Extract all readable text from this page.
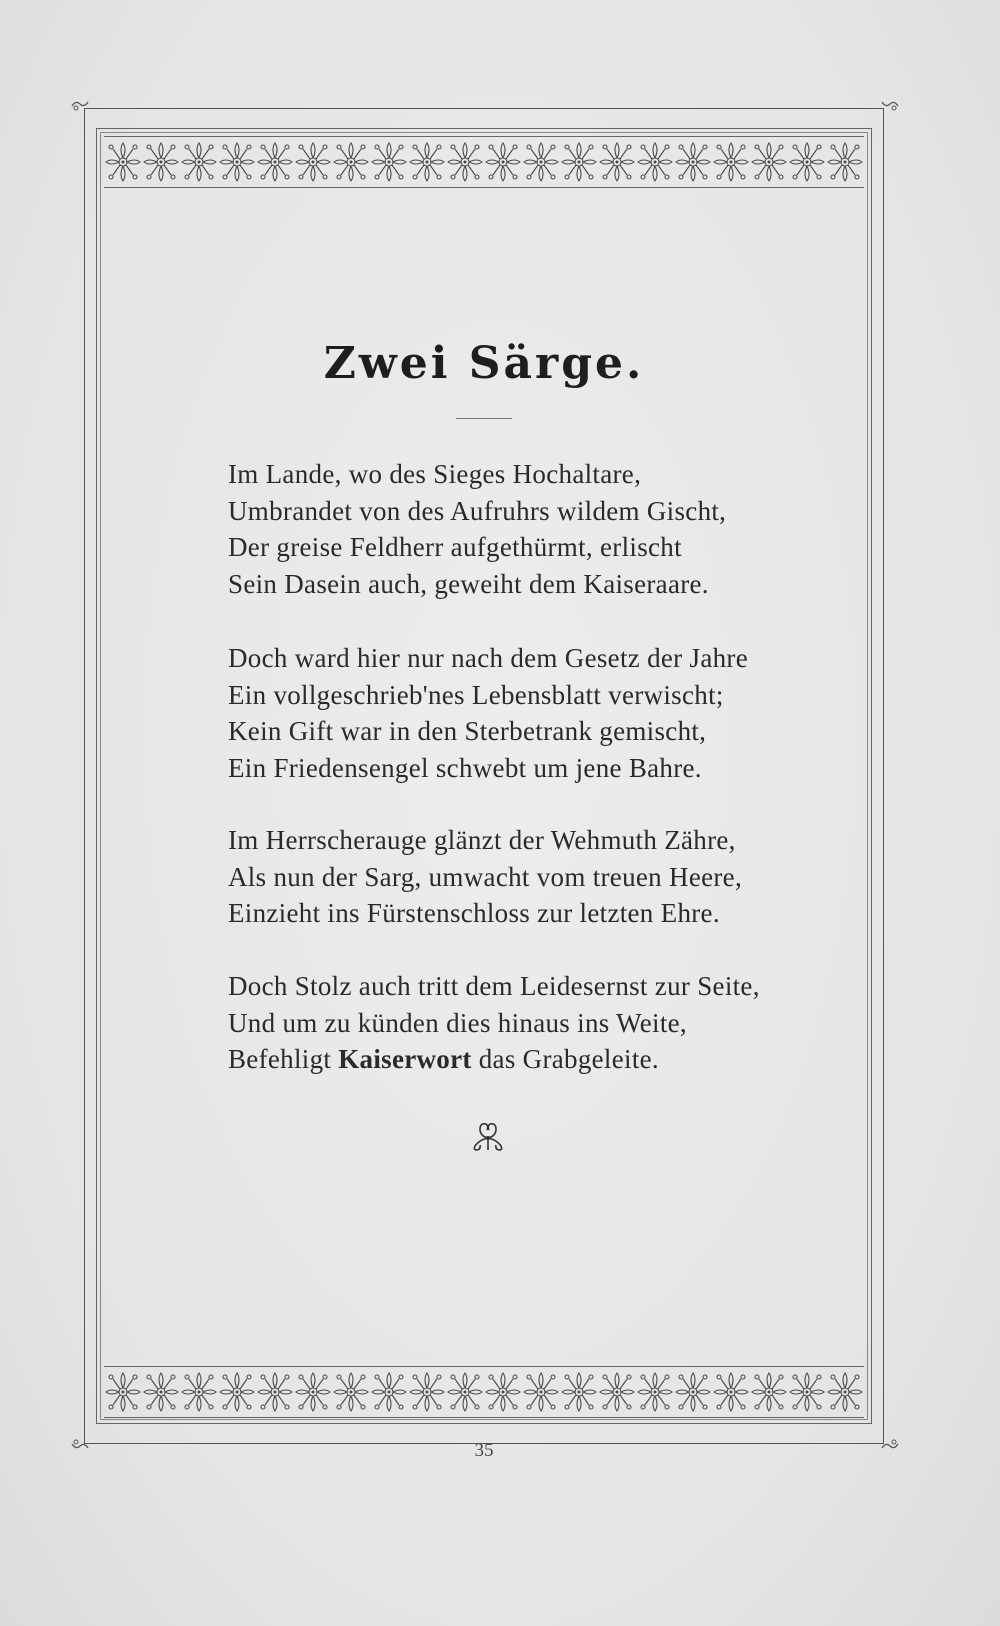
Zwei Särge.
Im Lande, wo des Sieges Hochaltare,
Umbrandet von des Aufruhrs wildem Gischt,
Der greise Feldherr aufgethürmt, erlischt
Sein Dasein auch, geweiht dem Kaiseraare.
Doch ward hier nur nach dem Gesetz der Jahre
Ein vollgeschrieb'nes Lebensblatt verwischt;
Kein Gift war in den Sterbetrank gemischt,
Ein Friedensengel schwebt um jene Bahre.
Im Herrscherauge glänzt der Wehmuth Zähre,
Als nun der Sarg, umwacht vom treuen Heere,
Einzieht ins Fürstenschloss zur letzten Ehre.
Doch Stolz auch tritt dem Leidesernst zur Seite,
Und um zu künden dies hinaus ins Weite,
Befehligt Kaiserwort das Grabgeleite.
35
